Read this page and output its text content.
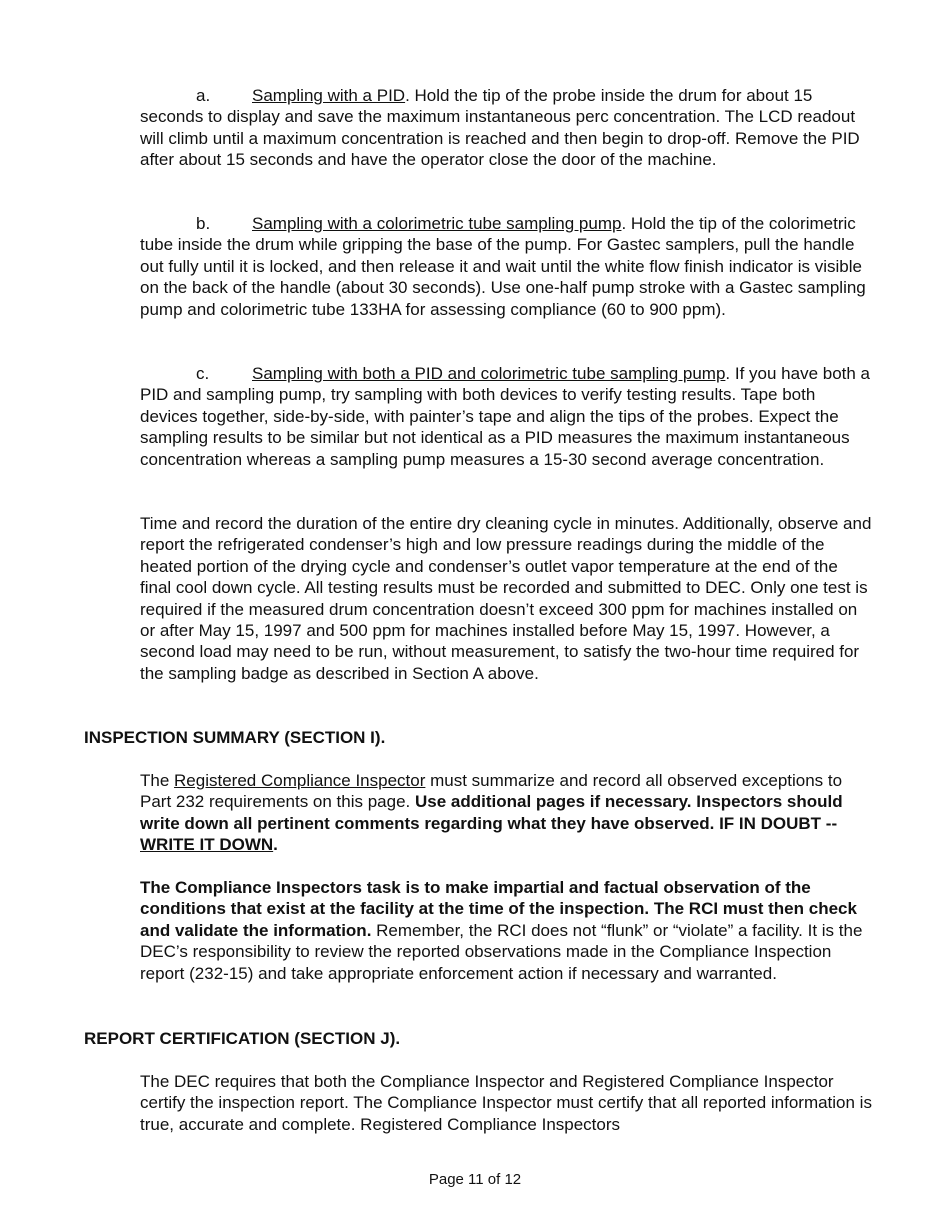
a. Sampling with a PID. Hold the tip of the probe inside the drum for about 15 seconds to display and save the maximum instantaneous perc concentration. The LCD readout will climb until a maximum concentration is reached and then begin to drop-off. Remove the PID after about 15 seconds and have the operator close the door of the machine.

b. Sampling with a colorimetric tube sampling pump. Hold the tip of the colorimetric tube inside the drum while gripping the base of the pump. For Gastec samplers, pull the handle out fully until it is locked, and then release it and wait until the white flow finish indicator is visible on the back of the handle (about 30 seconds). Use one-half pump stroke with a Gastec sampling pump and colorimetric tube 133HA for assessing compliance (60 to 900 ppm).

c.	Sampling with both a PID and colorimetric tube sampling pump. If you have both a PID and sampling pump, try sampling with both devices to verify testing results. Tape both devices together, side-by-side, with painter’s tape and align the tips of the probes. Expect the sampling results to be similar but not identical as a PID measures the maximum instantaneous concentration whereas a sampling pump measures a 15-30 second average concentration.

Time and record the duration of the entire dry cleaning cycle in minutes. Additionally, observe and report the refrigerated condenser’s high and low pressure readings during the middle of the heated portion of the drying cycle and condenser’s outlet vapor temperature at the end of the final cool down cycle. All testing results must be recorded and submitted to DEC. Only one test is required if the measured drum concentration doesn’t exceed 300 ppm for machines installed on or after May 15, 1997 and 500 ppm for machines installed before May 15, 1997. However, a second load may need to be run, without measurement, to satisfy the two-hour time required for the sampling badge as described in Section A above.

INSPECTION SUMMARY (SECTION I).

The Registered Compliance Inspector must summarize and record all observed exceptions to Part 232 requirements on this page. Use additional pages if necessary. Inspectors should write down all pertinent comments regarding what they have observed. IF IN DOUBT -- WRITE IT DOWN.

The Compliance Inspectors task is to make impartial and factual observation of the conditions that exist at the facility at the time of the inspection. The RCI must then check and validate the information. Remember, the RCI does not “flunk” or “violate” a facility. It is the DEC’s responsibility to review the reported observations made in the Compliance Inspection report (232-15) and take appropriate enforcement action if necessary and warranted.

REPORT CERTIFICATION (SECTION J).

The DEC requires that both the Compliance Inspector and Registered Compliance Inspector certify the inspection report. The Compliance Inspector must certify that all reported information is true, accurate and complete. Registered Compliance Inspectors

Page 11 of 12
